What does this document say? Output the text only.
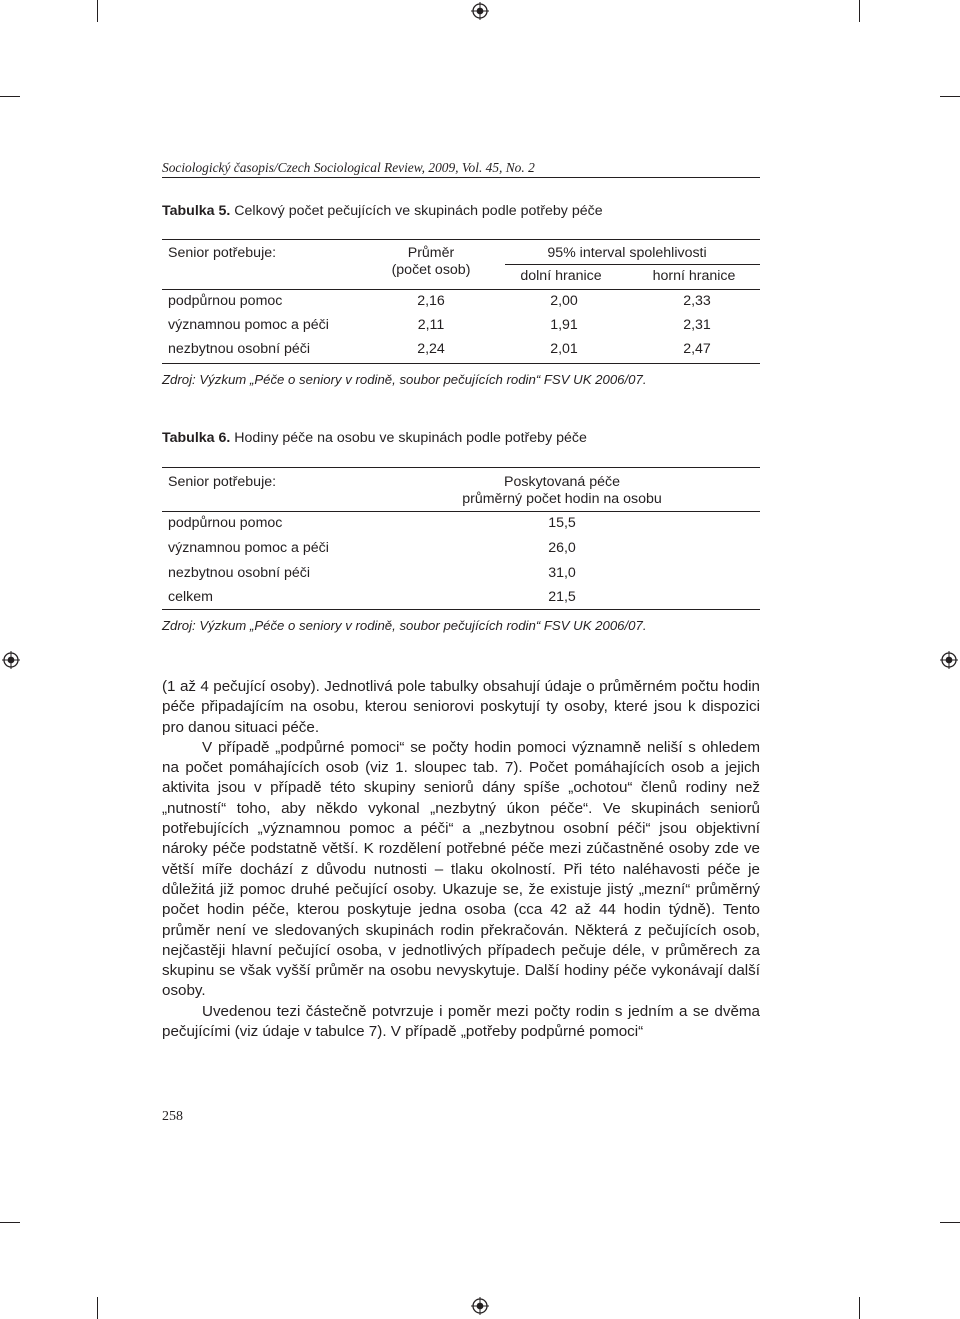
Sociologický časopis/Czech Sociological Review, 2009, Vol. 45, No. 2
Tabulka 5. Celkový počet pečujících ve skupinách podle potřeby péče
Senior potřebuje:	Průměr
(počet osob)
95% interval spolehlivosti
dolní hranice	horní hranice
podpůrnou pomoc	2,16	2,00	2,33
významnou pomoc a péči	2,11	1,91	2,31
nezbytnou osobní péči	2,24	2,01	2,47
Zdroj: Výzkum „Péče o seniory v rodině, soubor pečujících rodin“ FSV UK 2006/07.
Tabulka 6. Hodiny péče na osobu ve skupinách podle potřeby péče
Senior potřebuje:	Poskytovaná péče
průměrný počet hodin na osobu
podpůrnou pomoc	15,5
významnou pomoc a péči	26,0
nezbytnou osobní péči	31,0
celkem	21,5
Zdroj: Výzkum „Péče o seniory v rodině, soubor pečujících rodin“ FSV UK 2006/07.

(1 až 4 pečující osoby). Jednotlivá pole tabulky obsahují údaje o průměrném počtu hodin péče připadajícím na osobu, kterou seniorovi poskytují ty osoby, které jsou k dispozici pro danou situaci péče.

V případě „podpůrné pomoci“ se počty hodin pomoci významně neliší s ohledem na počet pomáhajících osob (viz 1. sloupec tab. 7). Počet pomáhajících osob a jejich aktivita jsou v případě této skupiny seniorů dány spíše „ochotou“ členů rodiny než „nutností“ toho, aby někdo vykonal „nezbytný úkon péče“. Ve skupinách seniorů potřebujících „významnou pomoc a péči“ a „nezbytnou osobní péči“ jsou objektivní nároky péče podstatně větší. K rozdělení potřebné péče mezi zúčastněné osoby zde ve větší míře dochází z důvodu nutnosti – tlaku okolností. Při této naléhavosti péče je důležitá již pomoc druhé pečující osoby. Ukazuje se, že existuje jistý „mezní“ průměrný počet hodin péče, kterou poskytuje jedna osoba (cca 42 až 44 hodin týdně). Tento průměr není ve sledovaných skupinách rodin překračován. Některá z pečujících osob, nejčastěji hlavní pečující osoba, v jednotlivých případech pečuje déle, v průměrech za skupinu se však vyšší průměr na osobu nevyskytuje. Další hodiny péče vykonávají další osoby.

Uvedenou tezi částečně potvrzuje i poměr mezi počty rodin s jedním a se dvěma pečujícími (viz údaje v tabulce 7). V případě „potřeby podpůrné pomoci“

258
